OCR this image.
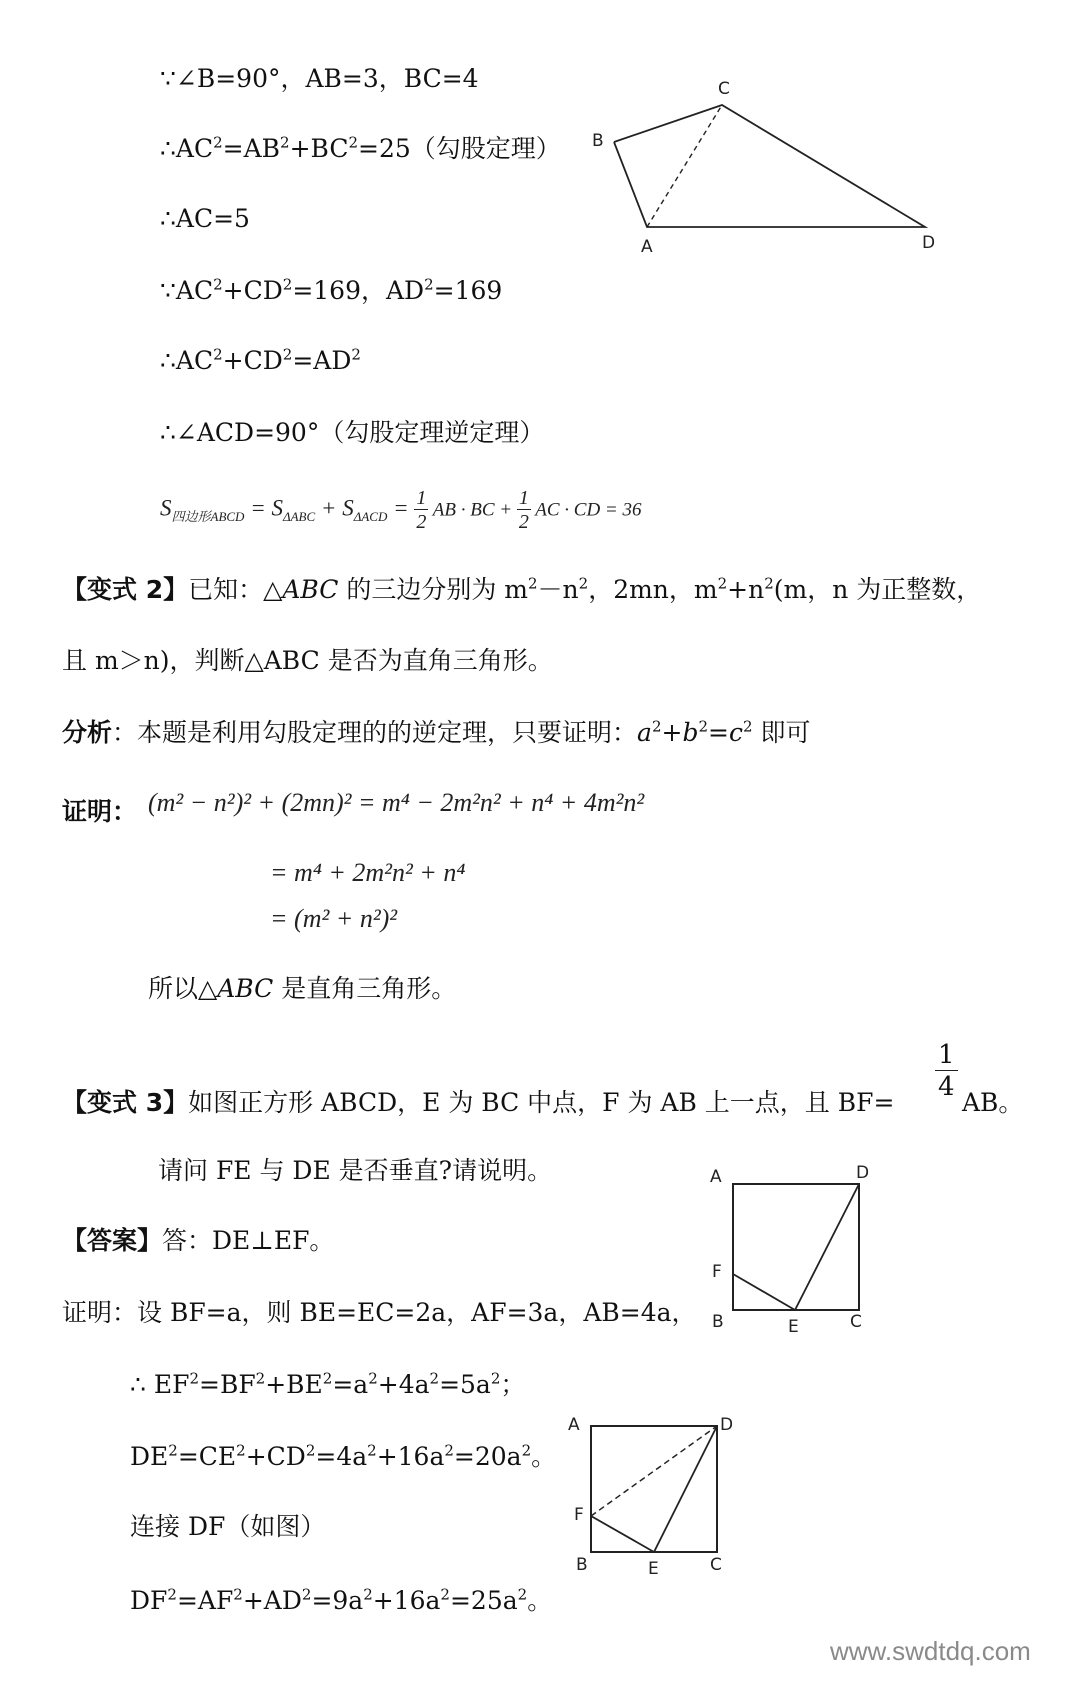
∵∠B=90°，AB=3，BC=4
$\therefore AC^2=AB^2+BC^2=25$（勾股定理）
∴AC=5
$\because AC^2+CD^2=169$，$AD^2=169$
$\therefore AC^2+CD^2=AD^2$
∴∠ACD=90°（勾股定理逆定理）
$S_{四边形ABCD} = S_{\Delta ABC} + S_{\Delta ACD} = \frac{1}{2}$ AB · BC + $\frac{1}{2}$ AC · CD = 36
C
B
A	D
【变式 2】已知：△ABC 的三边分别为 $m^2-n^2$，2mn，$m^2+n^2(m$，n 为正整数，
且 m＞n)，判断△ABC 是否为直角三角形。
分析：本题是利用勾股定理的的逆定理，只要证明：$a^2+b^2=c^2$ 即可
证明： (m² − n²)² + (2mn)² = m⁴ − 2m²n² + n⁴ + 4m²n²
= m⁴ + 2m²n² + n⁴
= (m² + n²)²
所以△ABC 是直角三角形。
【变式 3】如图正方形 ABCD，E 为 BC 中点，F 为 AB 上一点，且 BF=
1
4
AB。
请问 FE 与 DE 是否垂直?请说明。
【答案】答：DE⊥EF。
证明：设 BF=a，则 BE=EC=2a，AF=3a，AB=4a，
∴ $EF^2=BF^2+BE^2=a^2+4a^2=5a^2$；
$DE^2=CE^2+CD^2=4a^2+16a^2=20a^2$。
连接 DF（如图）
$DF^2=AF^2+AD^2=9a^2+16a^2=25a^2$。
A	D
F
B	E	C
A	D
F
B	E	C
www.swdtdq.com
